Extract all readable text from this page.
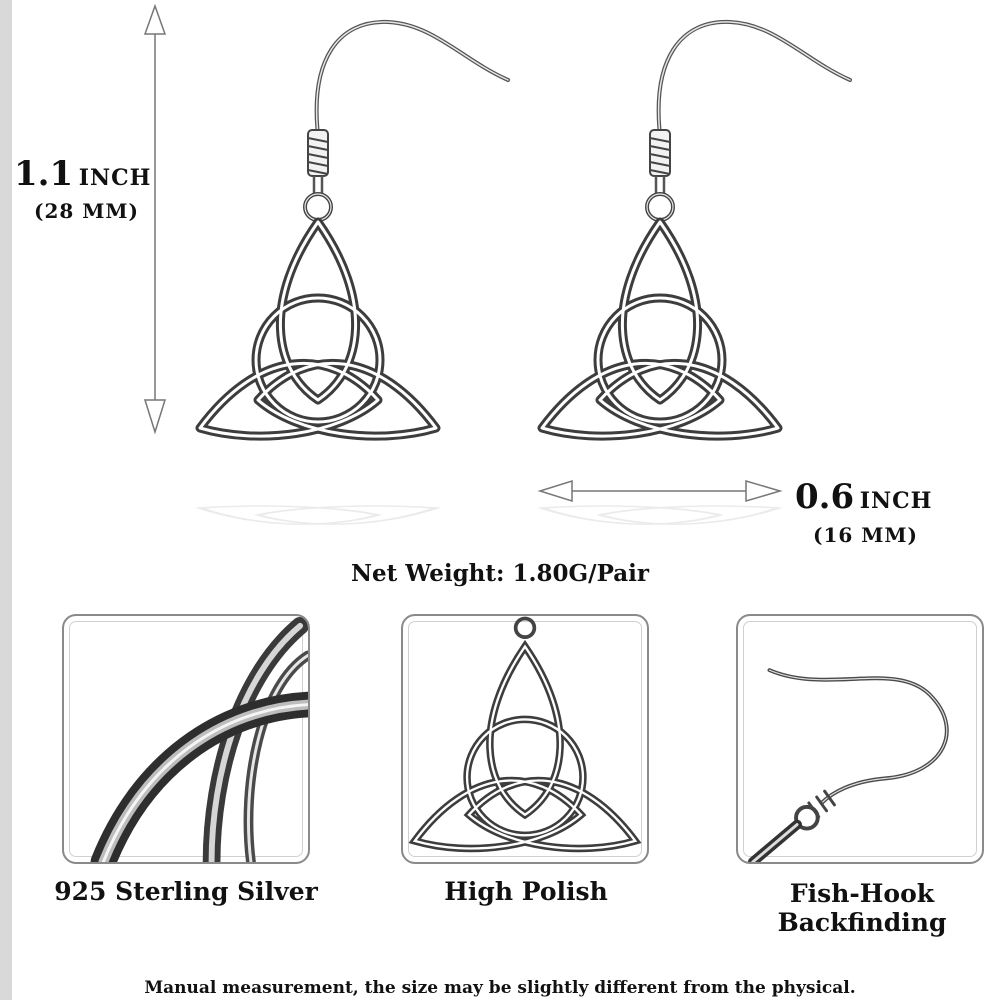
1.1 INCH
(28 MM)
0.6 INCH
(16 MM)
Net Weight: 1.80G/Pair
925 Sterling Silver	High Polish	Fish-Hook
Backfinding
Manual measurement, the size may be slightly different from the physical.
